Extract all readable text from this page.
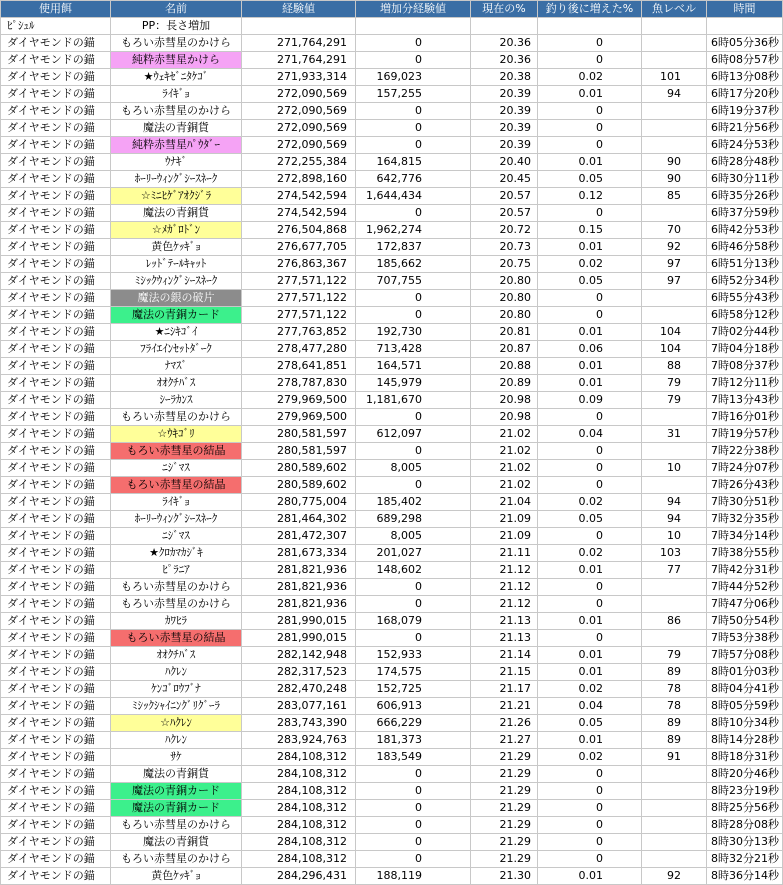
使用餌	名前	経験値	増加分経験値	現在の%	釣り後に増えた%	魚レベル	時間
ﾋﾟｼｭﾙ	PP：長さ増加						
ダイヤモンドの錨	もろい赤彗星のかけら	271,764,291	0	20.36	0		6時05分36秒
ダイヤモンドの錨	純粋赤彗星かけら	271,764,291	0	20.36	0		6時08分57秒
ダイヤモンドの錨	★ｳｪｷｾﾞﾆﾀｹｺﾞ	271,933,314	169,023	20.38	0.02	101	6時13分08秒
ダイヤモンドの錨	ﾗｲｷﾞｮ	272,090,569	157,255	20.39	0.01	94	6時17分20秒
ダイヤモンドの錨	もろい赤彗星のかけら	272,090,569	0	20.39	0		6時19分37秒
ダイヤモンドの錨	魔法の青銅貨	272,090,569	0	20.39	0		6時21分56秒
ダイヤモンドの錨	純粋赤彗星ﾊﾟｳﾀﾞｰ	272,090,569	0	20.39	0		6時24分53秒
ダイヤモンドの錨	ｳﾅｷﾞ	272,255,384	164,815	20.40	0.01	90	6時28分48秒
ダイヤモンドの錨	ﾎｰﾘｰｳｨﾝｸﾞｼｰｽﾈｰｸ	272,898,160	642,776	20.45	0.05	90	6時30分11秒
ダイヤモンドの錨	☆ﾐﾆﾋｹﾞｱｵｸｼﾞﾗ	274,542,594	1,644,434	20.57	0.12	85	6時35分26秒
ダイヤモンドの錨	魔法の青銅貨	274,542,594	0	20.57	0		6時37分59秒
ダイヤモンドの錨	☆ﾒｶﾞﾛﾄﾞﾝ	276,504,868	1,962,274	20.72	0.15	70	6時42分53秒
ダイヤモンドの錨	黄色ｹｯｷﾞｮ	276,677,705	172,837	20.73	0.01	92	6時46分58秒
ダイヤモンドの錨	ﾚｯﾄﾞﾃｰﾙｷｬｯﾄ	276,863,367	185,662	20.75	0.02	97	6時51分13秒
ダイヤモンドの錨	ﾐｼｯｸｳｨﾝｸﾞｼｰｽﾈｰｸ	277,571,122	707,755	20.80	0.05	97	6時52分34秒
ダイヤモンドの錨	魔法の銀の破片	277,571,122	0	20.80	0		6時55分43秒
ダイヤモンドの錨	魔法の青銅カード	277,571,122	0	20.80	0		6時58分12秒
ダイヤモンドの錨	★ﾆｼｷｺﾞｲ	277,763,852	192,730	20.81	0.01	104	7時02分44秒
ダイヤモンドの錨	ﾌﾗｲｴｲﾝｾｯﾄﾀﾞｰｸ	278,477,280	713,428	20.87	0.06	104	7時04分18秒
ダイヤモンドの錨	ﾅﾏｽﾞ	278,641,851	164,571	20.88	0.01	88	7時08分37秒
ダイヤモンドの錨	ｵｵｸﾁﾊﾞｽ	278,787,830	145,979	20.89	0.01	79	7時12分11秒
ダイヤモンドの錨	ｼｰﾗｶﾝｽ	279,969,500	1,181,670	20.98	0.09	79	7時13分43秒
ダイヤモンドの錨	もろい赤彗星のかけら	279,969,500	0	20.98	0		7時16分01秒
ダイヤモンドの錨	☆ｳｷｺﾞﾘ	280,581,597	612,097	21.02	0.04	31	7時19分57秒
ダイヤモンドの錨	もろい赤彗星の結晶	280,581,597	0	21.02	0		7時22分38秒
ダイヤモンドの錨	ﾆｼﾞﾏｽ	280,589,602	8,005	21.02	0	10	7時24分07秒
ダイヤモンドの錨	もろい赤彗星の結晶	280,589,602	0	21.02	0		7時26分43秒
ダイヤモンドの錨	ﾗｲｷﾞｮ	280,775,004	185,402	21.04	0.02	94	7時30分51秒
ダイヤモンドの錨	ﾎｰﾘｰｳｨﾝｸﾞｼｰｽﾈｰｸ	281,464,302	689,298	21.09	0.05	94	7時32分35秒
ダイヤモンドの錨	ﾆｼﾞﾏｽ	281,472,307	8,005	21.09	0	10	7時34分14秒
ダイヤモンドの錨	★ｸﾛｶﾏｶｼﾞｷ	281,673,334	201,027	21.11	0.02	103	7時38分55秒
ダイヤモンドの錨	ﾋﾟﾗﾆｱ	281,821,936	148,602	21.12	0.01	77	7時42分31秒
ダイヤモンドの錨	もろい赤彗星のかけら	281,821,936	0	21.12	0		7時44分52秒
ダイヤモンドの錨	もろい赤彗星のかけら	281,821,936	0	21.12	0		7時47分06秒
ダイヤモンドの錨	ｶﾜﾋﾗ	281,990,015	168,079	21.13	0.01	86	7時50分54秒
ダイヤモンドの錨	もろい赤彗星の結晶	281,990,015	0	21.13	0		7時53分38秒
ダイヤモンドの錨	ｵｵｸﾁﾊﾞｽ	282,142,948	152,933	21.14	0.01	79	7時57分08秒
ダイヤモンドの錨	ﾊｸﾚﾝ	282,317,523	174,575	21.15	0.01	89	8時01分03秒
ダイヤモンドの錨	ｹﾝｺﾞﾛｳﾌﾞﾅ	282,470,248	152,725	21.17	0.02	78	8時04分41秒
ダイヤモンドの錨	ﾐｼｯｸｼｬｲﾆﾝｸﾞﾘｸﾞｰﾗ	283,077,161	606,913	21.21	0.04	78	8時05分59秒
ダイヤモンドの錨	☆ﾊｸﾚﾝ	283,743,390	666,229	21.26	0.05	89	8時10分34秒
ダイヤモンドの錨	ﾊｸﾚﾝ	283,924,763	181,373	21.27	0.01	89	8時14分28秒
ダイヤモンドの錨	ｻｹ	284,108,312	183,549	21.29	0.02	91	8時18分31秒
ダイヤモンドの錨	魔法の青銅貨	284,108,312	0	21.29	0		8時20分46秒
ダイヤモンドの錨	魔法の青銅カード	284,108,312	0	21.29	0		8時23分19秒
ダイヤモンドの錨	魔法の青銅カード	284,108,312	0	21.29	0		8時25分56秒
ダイヤモンドの錨	もろい赤彗星のかけら	284,108,312	0	21.29	0		8時28分08秒
ダイヤモンドの錨	魔法の青銅貨	284,108,312	0	21.29	0		8時30分13秒
ダイヤモンドの錨	もろい赤彗星のかけら	284,108,312	0	21.29	0		8時32分21秒
ダイヤモンドの錨	黄色ｹｯｷﾞｮ	284,296,431	188,119	21.30	0.01	92	8時36分14秒
